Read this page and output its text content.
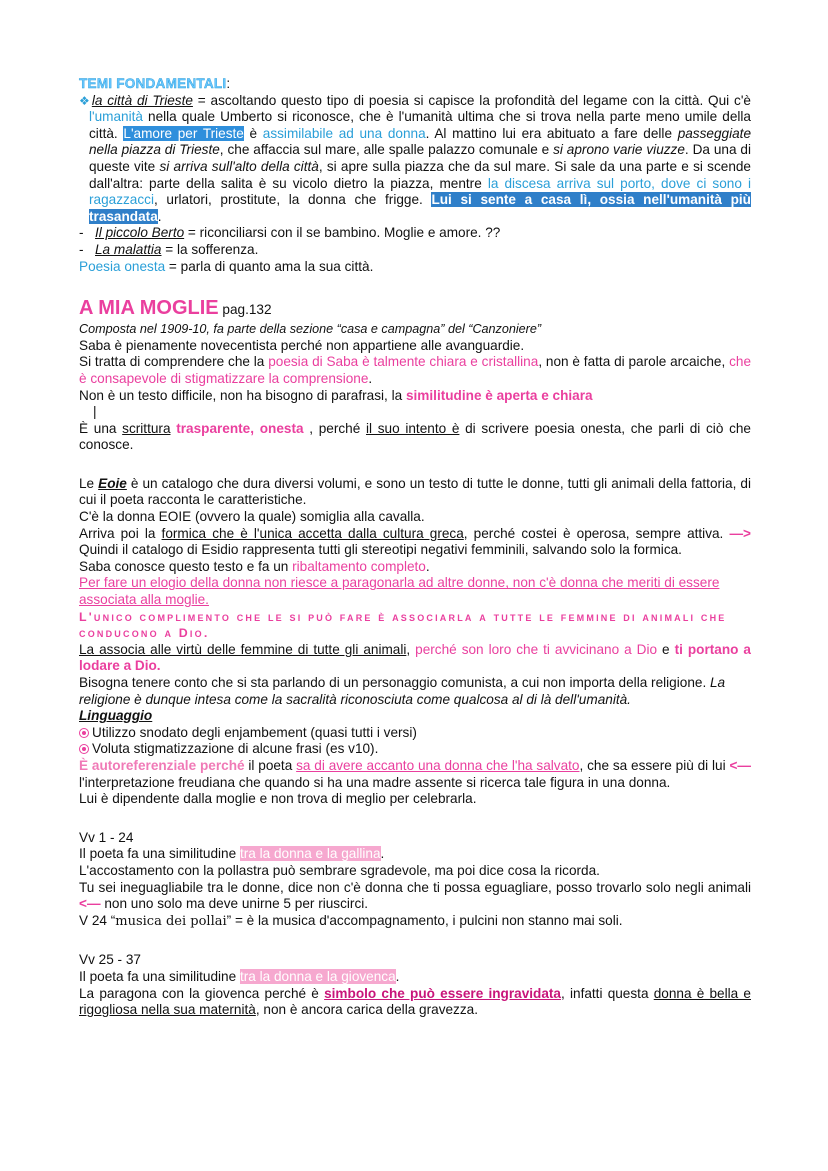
TEMI FONDAMENTALI:

❖la città di Trieste = ascoltando questo tipo di poesia si capisce la profondità del legame con la città. Qui c'è l'umanità nella quale Umberto si riconosce, che è l'umanità ultima che si trova nella parte meno umile della città. L'amore per Trieste è assimilabile ad una donna. Al mattino lui era abituato a fare delle passeggiate nella piazza di Trieste, che affaccia sul mare, alle spalle palazzo comunale e si aprono varie viuzze. Da una di queste vite si arriva sull'alto della città, si apre sulla piazza che da sul mare. Si sale da una parte e si scende dall'altra: parte della salita è su vicolo dietro la piazza, mentre la discesa arriva sul porto, dove ci sono i ragazzacci, urlatori, prostitute, la donna che frigge. Lui si sente a casa lì, ossia nell'umanità più trasandata.

- Il piccolo Berto = riconciliarsi con il se bambino. Moglie e amore. ??

- La malattia = la sofferenza.

Poesia onesta = parla di quanto ama la sua città.

A MIA MOGLIE pag.132

Composta nel 1909-10, fa parte della sezione “casa e campagna” del “Canzoniere”

Saba è pienamente novecentista perché non appartiene alle avanguardie.

Si tratta di comprendere che la poesia di Saba è talmente chiara e cristallina, non è fatta di parole arcaiche, che è consapevole di stigmatizzare la comprensione.

Non è un testo difficile, non ha bisogno di parafrasi, la similitudine è aperta e chiara

|

È una scrittura trasparente, onesta , perché il suo intento è di scrivere poesia onesta, che parli di ciò che conosce.

Le Eoie è un catalogo che dura diversi volumi, e sono un testo di tutte le donne, tutti gli animali della fattoria, di cui il poeta racconta le caratteristiche.

C'è la donna EOIE (ovvero la quale) somiglia alla cavalla.

Arriva poi la formica che è l'unica accetta dalla cultura greca, perché costei è operosa, sempre attiva. —> Quindi il catalogo di Esidio rappresenta tutti gli stereotipi negativi femminili, salvando solo la formica.

Saba conosce questo testo e fa un ribaltamento completo.

Per fare un elogio della donna non riesce a paragonarla ad altre donne, non c'è donna che meriti di essere associata alla moglie.

L'unico complimento che le si può fare è associarla a tutte le femmine di animali che conducono a Dio.

La associa alle virtù delle femmine di tutte gli animali, perché son loro che ti avvicinano a Dio e ti portano a lodare a Dio.

Bisogna tenere conto che si sta parlando di un personaggio comunista, a cui non importa della religione. La religione è dunque intesa come la sacralità riconosciuta come qualcosa al di là dell'umanità.

Linguaggio

Utilizzo snodato degli enjambement (quasi tutti i versi)

Voluta stigmatizzazione di alcune frasi (es v10).

È autoreferenziale perché il poeta sa di avere accanto una donna che l'ha salvato, che sa essere più di lui <— l'interpretazione freudiana che quando si ha una madre assente si ricerca tale figura in una donna.

Lui è dipendente dalla moglie e non trova di meglio per celebrarla.

Vv 1 - 24

Il poeta fa una similitudine tra la donna e la gallina.

L'accostamento con la pollastra può sembrare sgradevole, ma poi dice cosa la ricorda.

Tu sei ineguagliabile tra le donne, dice non c'è donna che ti possa eguagliare, posso trovarlo solo negli animali <— non uno solo ma deve unirne 5 per riuscirci.

V 24 “musica dei pollai” = è la musica d'accompagnamento, i pulcini non stanno mai soli.

Vv 25 - 37

Il poeta fa una similitudine tra la donna e la giovenca.

La paragona con la giovenca perché è simbolo che può essere ingravidata, infatti questa donna è bella e rigogliosa nella sua maternità, non è ancora carica della gravezza.
